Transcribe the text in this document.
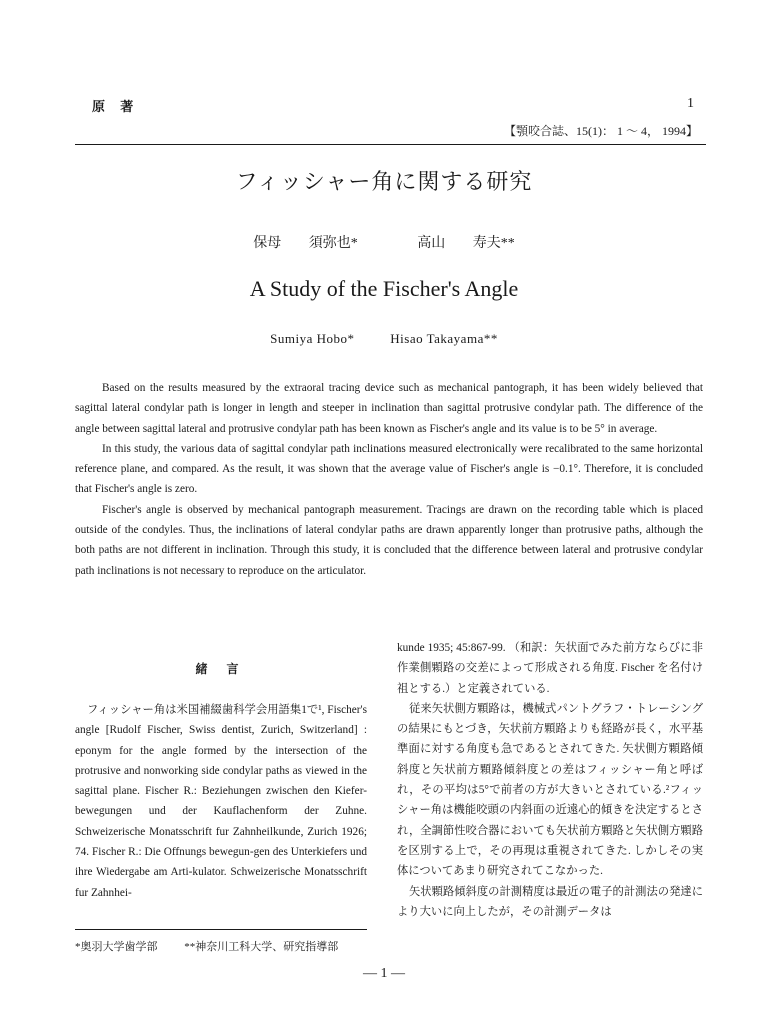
原 著	1
【顎咬合誌、15(1)： 1 ～ 4， 1994】
フィッシャー角に関する研究
保母 須弥也*	高山 寿夫**
A Study of the Fischer's Angle
Sumiya Hobo*	Hisao Takayama**

Based on the results measured by the extraoral tracing device such as mechanical pantograph, it has been widely believed that sagittal lateral condylar path is longer in length and steeper in inclination than sagittal protrusive condylar path. The difference of the angle between sagittal lateral and protrusive condylar path has been known as Fischer's angle and its value is to be 5° in average.

In this study, the various data of sagittal condylar path inclinations measured electronically were recalibrated to the same horizontal reference plane, and compared. As the result, it was shown that the average value of Fischer's angle is −0.1°. Therefore, it is concluded that Fischer's angle is zero.

Fischer's angle is observed by mechanical pantograph measurement. Tracings are drawn on the recording table which is placed outside of the condyles. Thus, the inclinations of lateral condylar paths are drawn apparently longer than protrusive paths, although the both paths are not different in inclination. Through this study, it is concluded that the difference between lateral and protrusive condylar path inclinations is not necessary to reproduce on the articulator.

緒 言

フィッシャー角は米国補綴歯科学会用語集1で¹, Fischer's angle [Rudolf Fischer, Swiss dentist, Zurich, Switzerland] : eponym for the angle formed by the intersection of the protrusive and nonworking side condylar paths as viewed in the sagittal plane. Fischer R.: Beziehungen zwischen den Kiefer-bewegungen und der Kauflachenform der Zuhne. Schweizerische Monatsschrift fur Zahnheilkunde, Zurich 1926; 74. Fischer R.: Die Offnungs bewegun-gen des Unterkiefers und ihre Wiedergabe am Arti-kulator. Schweizerische Monatsschrift fur Zahnhei-

kunde 1935; 45:867-99. （和訳：矢状面でみた前方ならびに非作業側顆路の交差によって形成される角度. Fischer を名付け祖とする.）と定義されている.

従来矢状側方顆路は，機械式パントグラフ・トレーシングの結果にもとづき，矢状前方顆路よりも経路が長く，水平基準面に対する角度も急であるとされてきた. 矢状側方顆路傾斜度と矢状前方顆路傾斜度との差はフィッシャー角と呼ばれ，その平均は5°で前者の方が大きいとされている.²フィッシャー角は機能咬頭の内斜面の近遠心的傾きを決定するとされ，全調節性咬合器においても矢状前方顆路と矢状側方顆路を区別する上で，その再現は重視されてきた. しかしその実体についてあまり研究されてこなかった.

矢状顆路傾斜度の計測精度は最近の電子的計測法の発達により大いに向上したが，その計測データは

*奥羽大学歯学部 **神奈川工科大学、研究指導部
— 1 —
